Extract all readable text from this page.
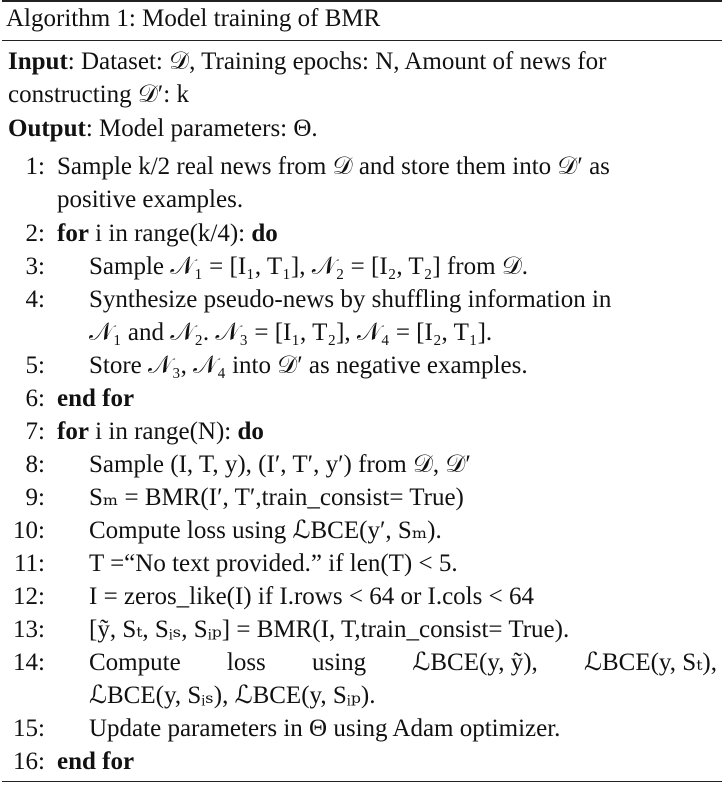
Algorithm 1: Model training of BMR
Input: Dataset: 𝒟, Training epochs: N, Amount of news for
constructing 𝒟′: k
Output: Model parameters: Θ.
1: Sample k/2 real news from 𝒟 and store them into 𝒟′ as
positive examples.
2: for i in range(k/4): do
3: Sample 𝒩₁ = [I₁, T₁], 𝒩₂ = [I₂, T₂] from 𝒟.
4: Synthesize pseudo-news by shuffling information in
𝒩₁ and 𝒩₂. 𝒩₃ = [I₁, T₂], 𝒩₄ = [I₂, T₁].
5: Store 𝒩₃, 𝒩₄ into 𝒟′ as negative examples.
6: end for
7: for i in range(N): do
8: Sample (I, T, y), (I′, T′, y′) from 𝒟, 𝒟′
9: Sₘ = BMR(I′, T′,train_consist= True)
10: Compute loss using ℒBCE(y′, Sₘ).
11: T =“No text provided.” if len(T) < 5.
12: I = zeros_like(I) if I.rows < 64 or I.cols < 64
13: [ỹ, Sₜ, Sᵢₛ, Sᵢₚ] = BMR(I, T,train_consist= True).
14: Compute loss using ℒBCE(y, ỹ), ℒBCE(y, Sₜ),
ℒBCE(y, Sᵢₛ), ℒBCE(y, Sᵢₚ).
15: Update parameters in Θ using Adam optimizer.
16: end for
